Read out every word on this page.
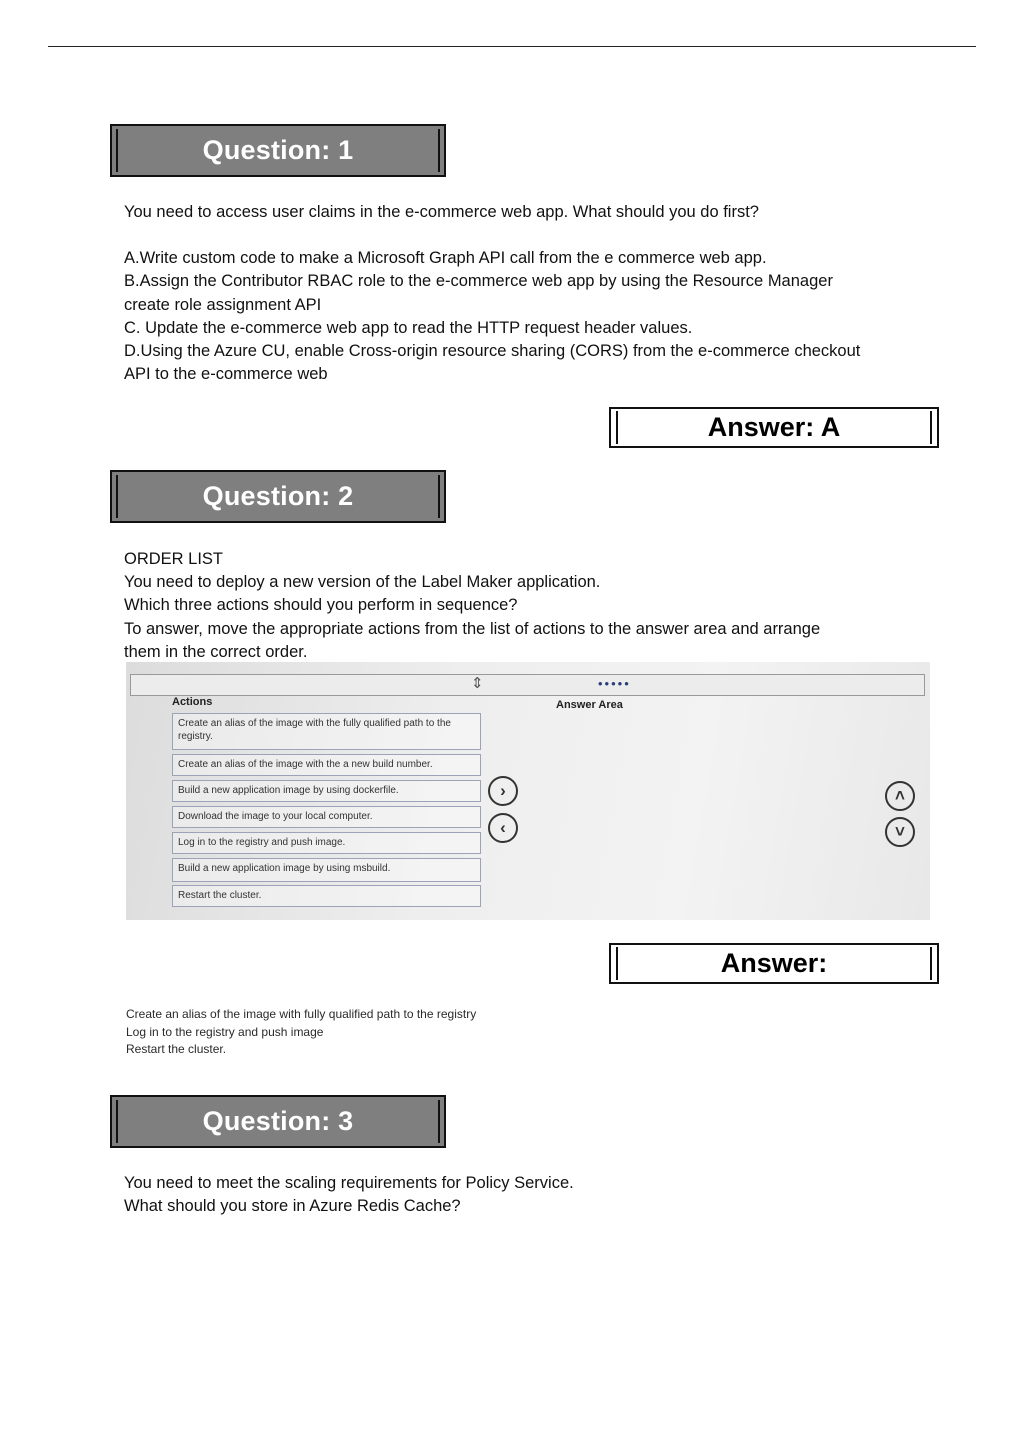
Question: 1

You need to access user claims in the e-commerce web app. What should you do first?

A.Write custom code to make a Microsoft Graph API call from the e commerce web app.

B.Assign the Contributor RBAC role to the e-commerce web app by using the Resource Manager

create role assignment API

C. Update the e-commerce web app to read the HTTP request header values.

D.Using the Azure CU, enable Cross-origin resource sharing (CORS) from the e-commerce checkout

API to the e-commerce web

Answer: A
Question: 2

ORDER LIST

You need to deploy a new version of the Label Maker application.

Which three actions should you perform in sequence?

To answer, move the appropriate actions from the list of actions to the answer area and arrange

them in the correct order.

⇕	•••••
Actions	Answer Area
Create an alias of the image with the fully qualified path to the registry.
Create an alias of the image with the a new build number.
Build a new application image by using dockerfile.
Download the image to your local computer.
Log in to the registry and push image.
Build a new application image by using msbuild.
Restart the cluster.
›
‹
˄
˅
Answer:
Create an alias of the image with fully qualified path to the registry
Log in to the registry and push image
Restart the cluster.
Question: 3

You need to meet the scaling requirements for Policy Service.

What should you store in Azure Redis Cache?
